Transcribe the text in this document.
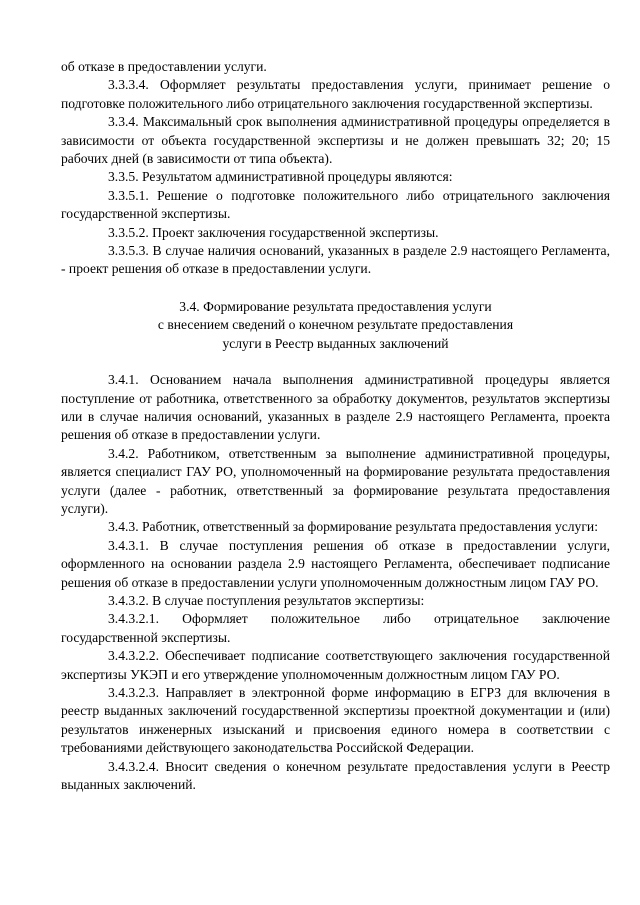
об отказе в предоставлении услуги.

3.3.3.4. Оформляет результаты предоставления услуги, принимает решение о подготовке положительного либо отрицательного заключения государственной экспертизы.

3.3.4. Максимальный срок выполнения административной процедуры определяется в зависимости от объекта государственной экспертизы и не должен превышать 32; 20; 15 рабочих дней (в зависимости от типа объекта).

3.3.5. Результатом административной процедуры являются:

3.3.5.1. Решение о подготовке положительного либо отрицательного заключения государственной экспертизы.

3.3.5.2. Проект заключения государственной экспертизы.

3.3.5.3. В случае наличия оснований, указанных в разделе 2.9 настоящего Регламента, - проект решения об отказе в предоставлении услуги.

3.4. Формирование результата предоставления услуги
с внесением сведений о конечном результате предоставления
услуги в Реестр выданных заключений

3.4.1. Основанием начала выполнения административной процедуры является поступление от работника, ответственного за обработку документов, результатов экспертизы или в случае наличия оснований, указанных в разделе 2.9 настоящего Регламента, проекта решения об отказе в предоставлении услуги.

3.4.2. Работником, ответственным за выполнение административной процедуры, является специалист ГАУ РО, уполномоченный на формирование результата предоставления услуги (далее - работник, ответственный за формирование результата предоставления услуги).

3.4.3. Работник, ответственный за формирование результата предоставления услуги:

3.4.3.1. В случае поступления решения об отказе в предоставлении услуги, оформленного на основании раздела 2.9 настоящего Регламента, обеспечивает подписание решения об отказе в предоставлении услуги уполномоченным должностным лицом ГАУ РО.

3.4.3.2. В случае поступления результатов экспертизы:

3.4.3.2.1. Оформляет положительное либо отрицательное заключение государственной экспертизы.

3.4.3.2.2. Обеспечивает подписание соответствующего заключения государственной экспертизы УКЭП и его утверждение уполномоченным должностным лицом ГАУ РО.

3.4.3.2.3. Направляет в электронной форме информацию в ЕГРЗ для включения в реестр выданных заключений государственной экспертизы проектной документации и (или) результатов инженерных изысканий и присвоения единого номера в соответствии с требованиями действующего законодательства Российской Федерации.

3.4.3.2.4. Вносит сведения о конечном результате предоставления услуги в Реестр выданных заключений.
